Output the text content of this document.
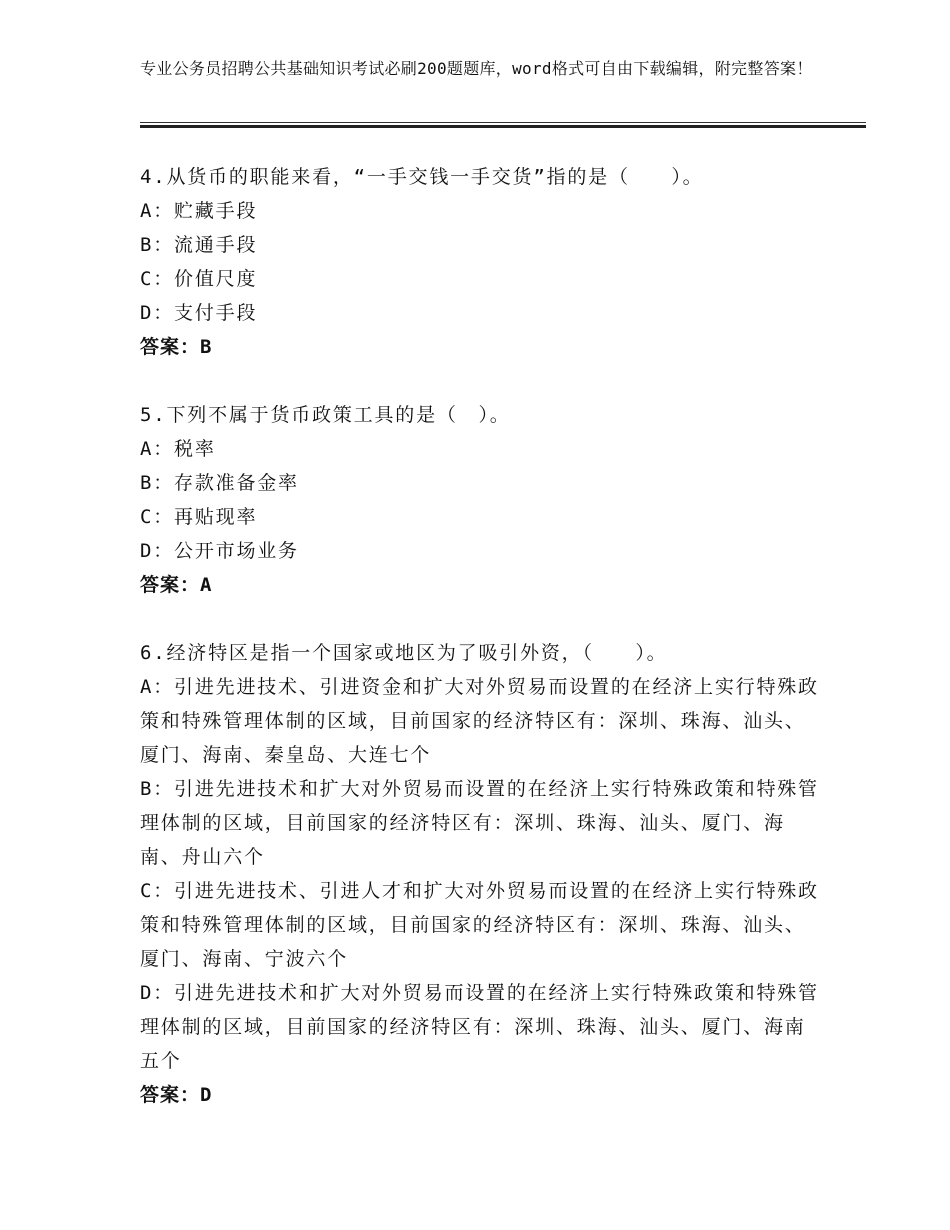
专业公务员招聘公共基础知识考试必刷200题题库，word格式可自由下载编辑，附完整答案！
4.从货币的职能来看，“一手交钱一手交货”指的是（　　）。
A：贮藏手段
B：流通手段
C：价值尺度
D：支付手段
答案：B
5.下列不属于货币政策工具的是（　）。
A：税率
B：存款准备金率
C：再贴现率
D：公开市场业务
答案：A
6.经济特区是指一个国家或地区为了吸引外资，（　　）。
A：引进先进技术、引进资金和扩大对外贸易而设置的在经济上实行特殊政策和特殊管理体制的区域，目前国家的经济特区有：深圳、珠海、汕头、厦门、海南、秦皇岛、大连七个
B：引进先进技术和扩大对外贸易而设置的在经济上实行特殊政策和特殊管理体制的区域，目前国家的经济特区有：深圳、珠海、汕头、厦门、海南、舟山六个
C：引进先进技术、引进人才和扩大对外贸易而设置的在经济上实行特殊政策和特殊管理体制的区域，目前国家的经济特区有：深圳、珠海、汕头、厦门、海南、宁波六个
D：引进先进技术和扩大对外贸易而设置的在经济上实行特殊政策和特殊管理体制的区域，目前国家的经济特区有：深圳、珠海、汕头、厦门、海南五个
答案：D
